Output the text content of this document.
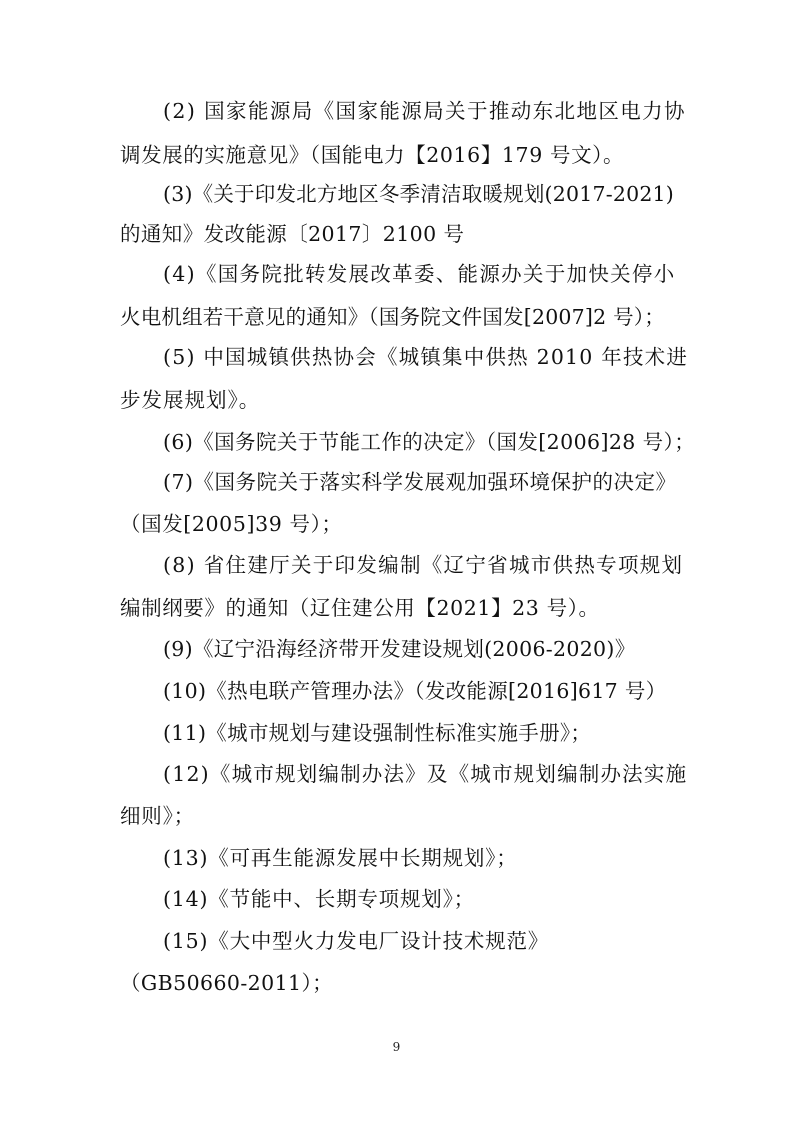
(2) 国家能源局《国家能源局关于推动东北地区电力协
调发展的实施意见》（国能电力【2016】179 号文）。
(3)《关于印发北方地区冬季清洁取暖规划(2017-2021)
的通知》发改能源〔2017〕2100 号
(4)《国务院批转发展改革委、能源办关于加快关停小
火电机组若干意见的通知》（国务院文件国发[2007]2 号）；
(5) 中国城镇供热协会《城镇集中供热 2010 年技术进
步发展规划》。
(6)《国务院关于节能工作的决定》（国发[2006]28 号）；
(7)《国务院关于落实科学发展观加强环境保护的决定》
（国发[2005]39 号）；
(8) 省住建厅关于印发编制《辽宁省城市供热专项规划
编制纲要》的通知（辽住建公用【2021】23 号）。
(9)《辽宁沿海经济带开发建设规划(2006-2020)》
(10)《热电联产管理办法》（发改能源[2016]617 号）
(11)《城市规划与建设强制性标准实施手册》；
(12)《城市规划编制办法》及《城市规划编制办法实施
细则》；
(13)《可再生能源发展中长期规划》；
(14)《节能中、长期专项规划》；
(15)《大中型火力发电厂设计技术规范》
（GB50660-2011）；
9
